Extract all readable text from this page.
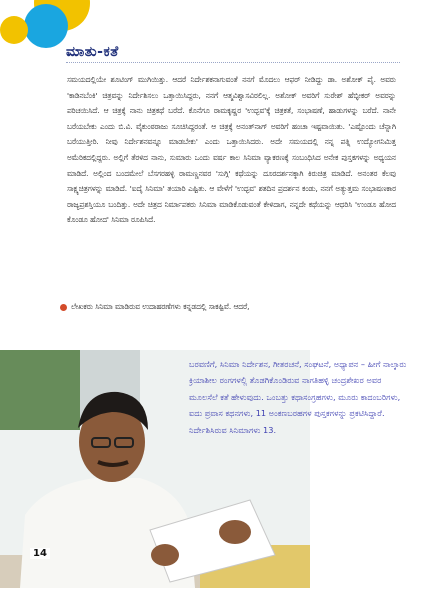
ಮಾತು-ಕತೆ
ಸಮಯದಲ್ಲಿಯೇ ಶೂಟಿಂಗ್ ಮುಗಿಯಿತ್ತು. ಆದರೆ ನಿರ್ದೇಶಕನಾಗುವಂತೆ ನನಗೆ ಮೊದಲು ಆಫರ್ ನೀಡಿದ್ದು ಡಾ. ಅಶೋಕ್ ಪೈ. ಅವರು 'ಕಾಡಿನಬೆಂಕಿ' ಚಿತ್ರವನ್ನು ನಿರ್ದೇಶಿಸಲು ಒತ್ತಾಯಿಸಿದ್ದರು, ನನಗೆ ಆತ್ಮವಿಶ್ವಾಸವಿರಲಿಲ್ಲ. ಅಶೋಕ್ ಅವರಿಗೆ ಸುರೇಶ್ ಹೆಬ್ಳೀಕರ್ ಅವರನ್ನು ಪರಿಚಯಿಸಿದೆ. ಆ ಚಿತ್ರಕ್ಕೆ ನಾನು ಚಿತ್ರಕಥೆ ಬರೆದೆ. ಕೊನೆಗೂ ರಾಮಕೃಷ್ಣರ 'ಉದ್ಭವ'ಕ್ಕೆ ಚಿತ್ರಕತೆ, ಸಂಭಾಷಣೆ, ಹಾಡುಗಳನ್ನು ಬರೆದೆ. ನಾನೇ ಬರೆಯಬೇಕು ಎಂದು ಬಿ.ವಿ. ವೈಕುಂಠರಾಜು ಸೂಚಿಸಿದ್ದರಂತೆ. ಆ ಚಿತ್ರಕ್ಕೆ ಅನಂತ್‌ನಾಗ್ ಅವರಿಗೆ ಹಂಚಾ ಇಷ್ಟವಾಯಿತು. 'ಎಷ್ಟೊಂದು ಚೆನ್ನಾಗಿ ಬರೆಯುತ್ತೀರಿ. ನೀವು ನಿರ್ದೇಶನವನ್ನೂ ಮಾಡಬೇಕು' ಎಂದು ಒತ್ತಾಯಿಸಿದರು. ಅದೇ ಸಮಯದಲ್ಲಿ ನನ್ನ ಪತ್ನಿ ಉದ್ಯೋಗನಿಮಿತ್ತ ಅಮೆರಿಕದಲ್ಲಿದ್ದರು. ಅಲ್ಲಿಗೆ ತೆರಳಿದ ನಾನು, ಸುಮಾರು ಒಂದು ವರ್ಷ ಕಾಲ ಸಿನಿಮಾ ವ್ಯಾಕರಣಕ್ಕೆ ಸಂಬಂಧಿಸಿದ ಅನೇಕ ಪುಸ್ತಕಗಳನ್ನು ಅಧ್ಯಯನ ಮಾಡಿದೆ. ಅಲ್ಲಿಂದ ಬಂದಮೇಲೆ ಬೆಸಗರಹಳ್ಳಿ ರಾಮಣ್ಣನವರ 'ಸುಗ್ಗಿ' ಕಥೆಯನ್ನು ದೂರದರ್ಶನಕ್ಕಾಗಿ ಕಿರುಚಿತ್ರ ಮಾಡಿದೆ. ಅನಂತರ ಕೆಲವು ಸಾಕ್ಷ್ಯಚಿತ್ರಗಳನ್ನು ಮಾಡಿದೆ. 'ಐದೈ ಸಿನಿಮಾ' ತಯಾರಿ ಎಷ್ಟಿತು. ಆ ವೇಳೆಗೆ 'ಉದ್ಭವ' ಶತದಿನ ಪ್ರದರ್ಶನ ಕಂಡು, ನನಗೆ ಅತ್ಯುತ್ತಮ ಸಂಭಾಷಣಕಾರ ರಾಜ್ಯಪ್ರಶಸ್ತಿಯೂ ಬಂದಿತ್ತು. ಅದೇ ಚಿತ್ರದ ನಿರ್ಮಾಪಕರು ಸಿನಿಮಾ ಮಾಡಿಕೊಡುವಂತೆ ಕೇಳಿದಾಗ, ನನ್ನದೇ ಕಥೆಯನ್ನು ಆಧರಿಸಿ 'ಉಂಡೂ ಹೋದ ಕೊಂಡೂ ಹೋದ' ಸಿನಿಮಾ ರೂಪಿಸಿದೆ.
ಲೇಖಕರು ಸಿನಿಮಾ ಮಾಡಿರುವ ಉದಾಹರಣೆಗಳು ಕನ್ನಡದಲ್ಲಿ ಸಾಕಷ್ಟಿವೆ. ಆದರೆ,
ಬರವಣಿಗೆ, ಸಿನಿಮಾ ನಿರ್ದೇಶನ, ಗೀತರಚನೆ, ಸಂಘಟನೆ, ಅಧ್ಯಾಪನ – ಹೀಗೆ ನಾಲ್ಕಾರು ಕ್ರಿಯಾಶೀಲ ರಂಗಗಳಲ್ಲಿ ತೊಡಗಿಕೊಂಡಿರುವ ನಾಗತಿಹಳ್ಳಿ ಚಂದ್ರಶೇಖರ ಅವರ ಮೂಲಸೆಲೆ ಕತೆ ಹೇಳುವುದು. ಒಂಬತ್ತು ಕಥಾಸಂಗ್ರಹಗಳು, ಮೂರು ಕಾದಂಬರಿಗಳು, ಐದು ಪ್ರವಾಸ ಕಥನಗಳು, 11 ಅಂಕಣಬರಹಗಳ ಪುಸ್ತಕಗಳನ್ನು ಪ್ರಕಟಿಸಿದ್ದಾರೆ. ನಿರ್ದೇಶಿಸಿರುವ ಸಿನಿಮಾಗಳು 13.
14
